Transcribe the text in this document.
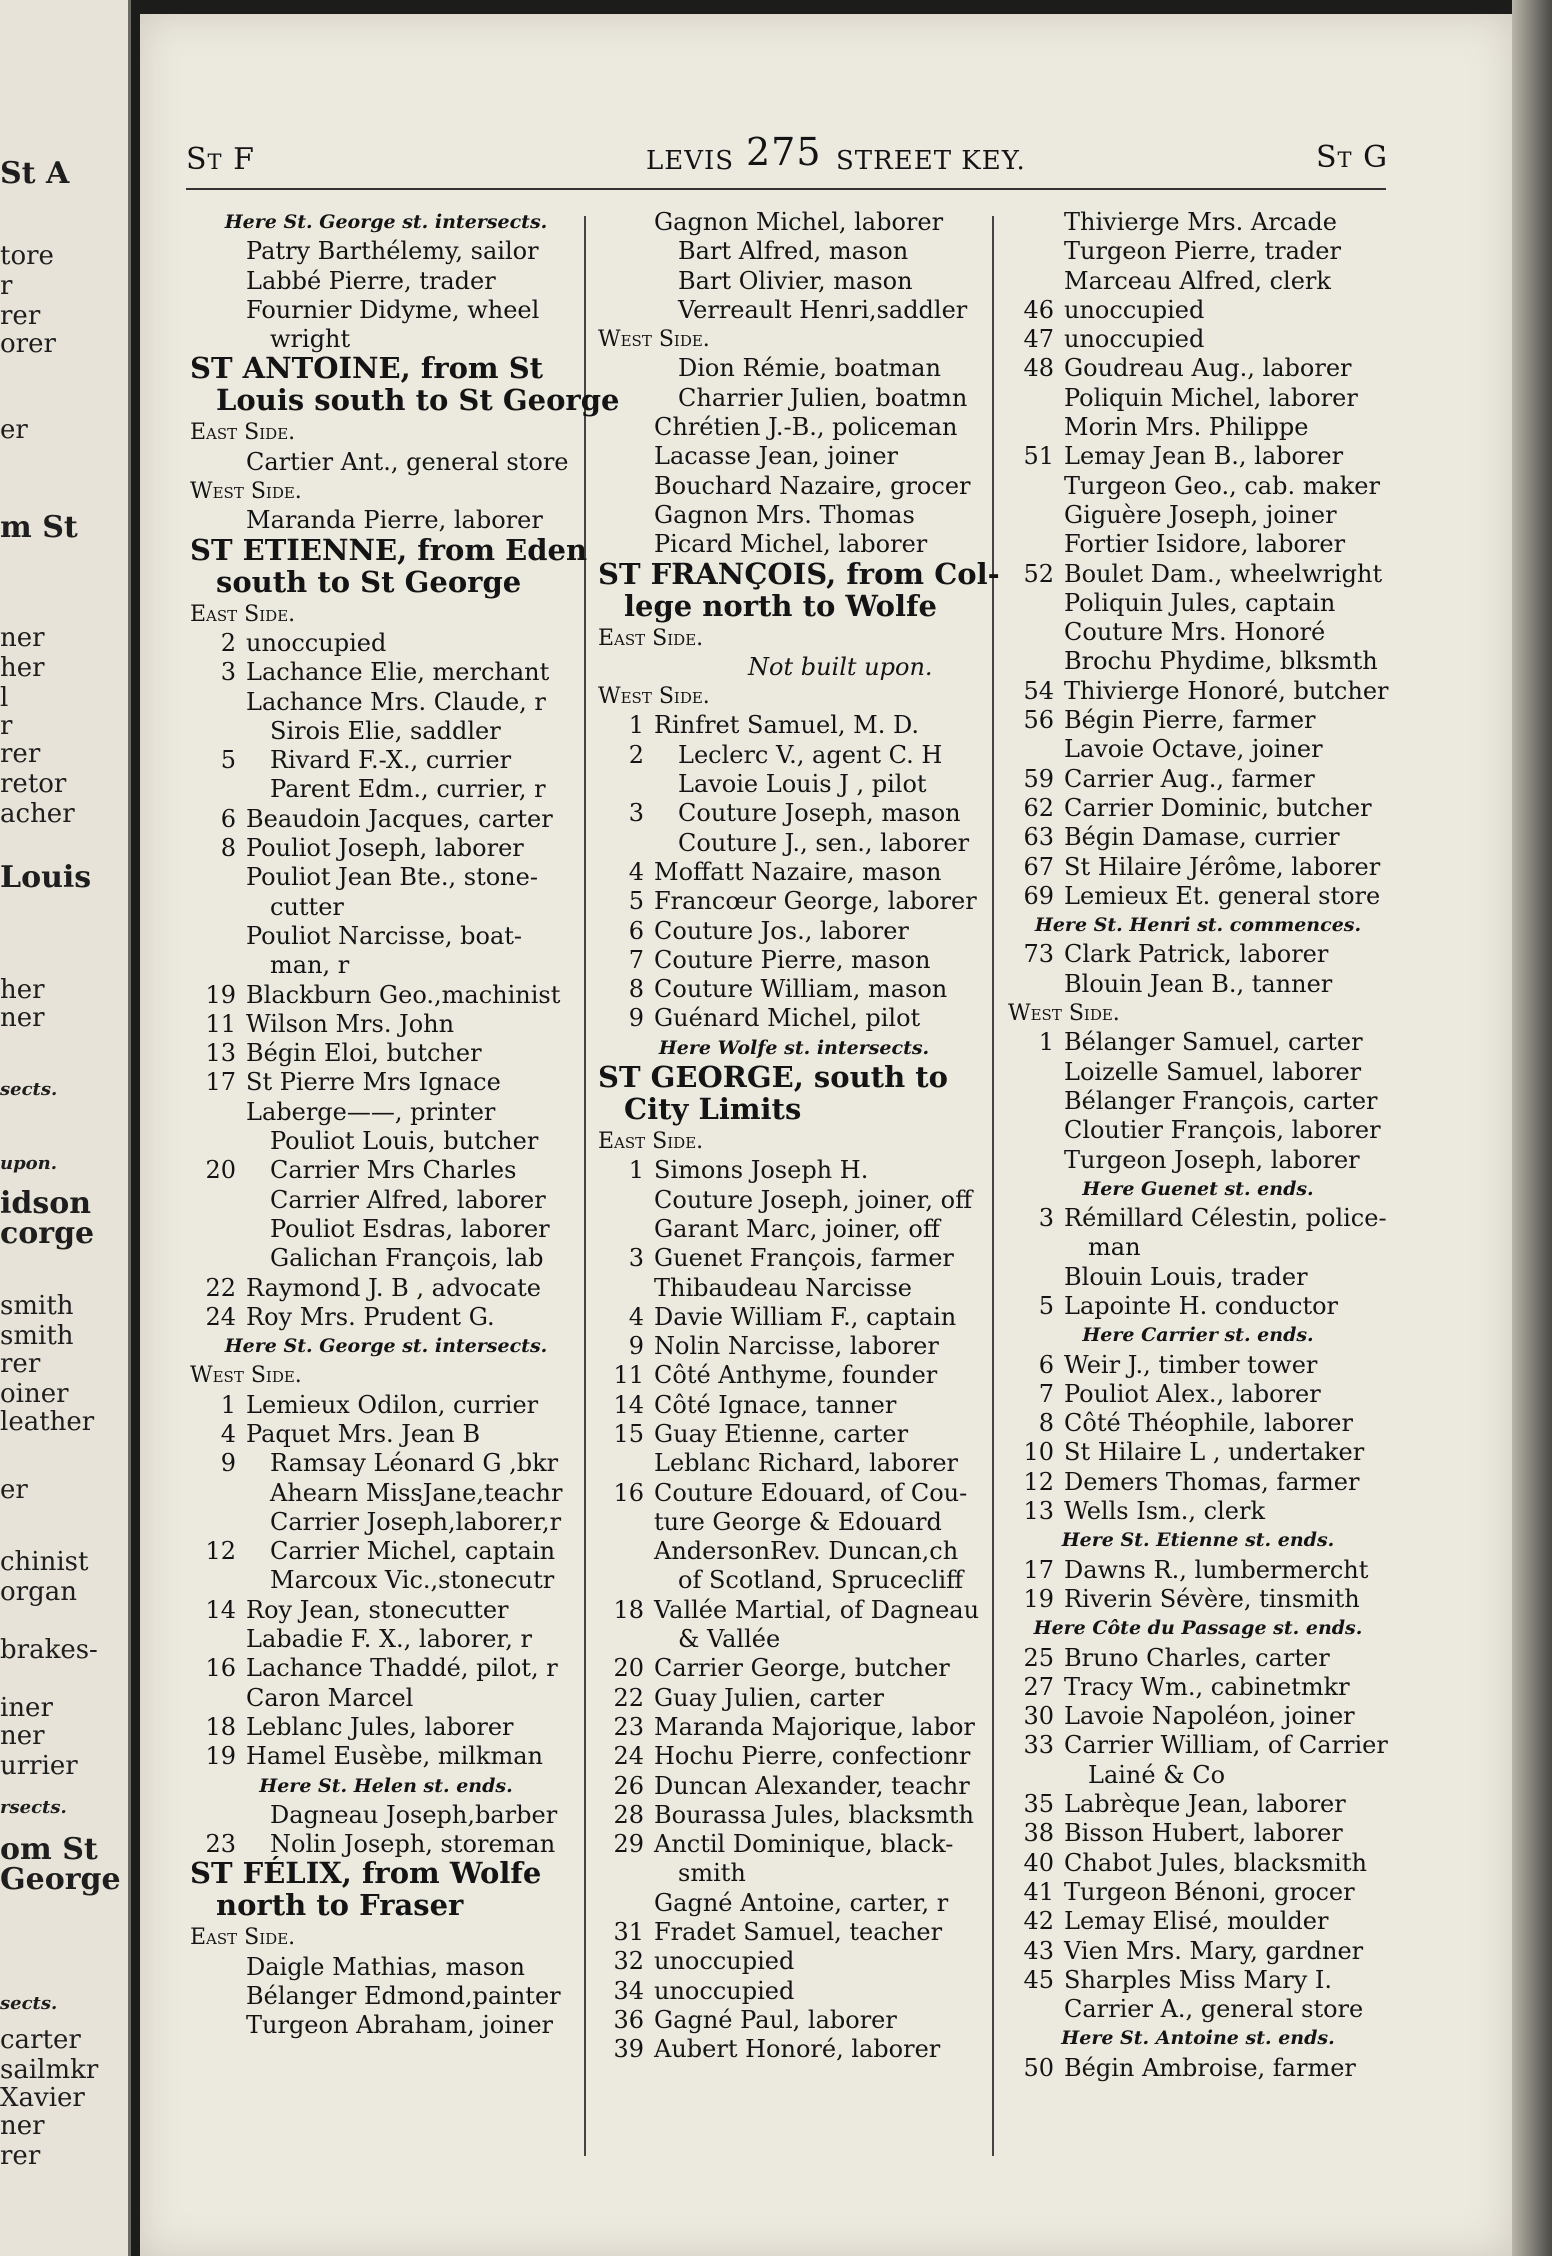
St A
tore
r
rer
orer
er
m St
ner
her
l
r
rer
retor
acher
Louis
her
ner
sects.
upon.
idson
corge
smith
smith
rer
oiner
leather
er
chinist
organ
brakes-
iner
ner
urrier
rsects.
om St
George
sects.
carter
sailmkr
Xavier
ner
rer
St F	LEVIS 275 STREET KEY.	St G
Here St. George st. intersects.
Patry Barthélemy, sailor
Labbé Pierre, trader
Fournier Didyme, wheel
wright
ST ANTOINE, from St
Louis south to St George
East Side.
Cartier Ant., general store
West Side.
Maranda Pierre, laborer
ST ETIENNE, from Eden
south to St George
East Side.
2 unoccupied
3 Lachance Elie, merchant
Lachance Mrs. Claude, r
Sirois Elie, saddler
5 Rivard F.-X., currier
Parent Edm., currier, r
6 Beaudoin Jacques, carter
8 Pouliot Joseph, laborer
Pouliot Jean Bte., stone-
cutter
Pouliot Narcisse, boat-
man, r
19 Blackburn Geo.,machinist
11 Wilson Mrs. John
13 Bégin Eloi, butcher
17 St Pierre Mrs Ignace
Laberge——, printer
Pouliot Louis, butcher
20 Carrier Mrs Charles
Carrier Alfred, laborer
Pouliot Esdras, laborer
Galichan François, lab
22 Raymond J. B , advocate
24 Roy Mrs. Prudent G.
Here St. George st. intersects.
West Side.
1 Lemieux Odilon, currier
4 Paquet Mrs. Jean B
9 Ramsay Léonard G ,bkr
Ahearn MissJane,teachr
Carrier Joseph,laborer,r
12 Carrier Michel, captain
Marcoux Vic.,stonecutr
14 Roy Jean, stonecutter
Labadie F. X., laborer, r
16 Lachance Thaddé, pilot, r
Caron Marcel
18 Leblanc Jules, laborer
19 Hamel Eusèbe, milkman
Here St. Helen st. ends.
Dagneau Joseph,barber
23 Nolin Joseph, storeman
ST FÉLIX, from Wolfe
north to Fraser
East Side.
Daigle Mathias, mason
Bélanger Edmond,painter
Turgeon Abraham, joiner
Gagnon Michel, laborer
Bart Alfred, mason
Bart Olivier, mason
Verreault Henri,saddler
West Side.
Dion Rémie, boatman
Charrier Julien, boatmn
Chrétien J.-B., policeman
Lacasse Jean, joiner
Bouchard Nazaire, grocer
Gagnon Mrs. Thomas
Picard Michel, laborer
ST FRANÇOIS, from Col-
lege north to Wolfe
East Side.
Not built upon.
West Side.
1 Rinfret Samuel, M. D.
2 Leclerc V., agent C. H
Lavoie Louis J , pilot
3 Couture Joseph, mason
Couture J., sen., laborer
4 Moffatt Nazaire, mason
5 Francœur George, laborer
6 Couture Jos., laborer
7 Couture Pierre, mason
8 Couture William, mason
9 Guénard Michel, pilot
Here Wolfe st. intersects.
ST GEORGE, south to
City Limits
East Side.
1 Simons Joseph H.
Couture Joseph, joiner, off
Garant Marc, joiner, off
3 Guenet François, farmer
Thibaudeau Narcisse
4 Davie William F., captain
9 Nolin Narcisse, laborer
11 Côté Anthyme, founder
14 Côté Ignace, tanner
15 Guay Etienne, carter
Leblanc Richard, laborer
16 Couture Edouard, of Cou-
ture George & Edouard
AndersonRev. Duncan,ch
of Scotland, Sprucecliff
18 Vallée Martial, of Dagneau
& Vallée
20 Carrier George, butcher
22 Guay Julien, carter
23 Maranda Majorique, labor
24 Hochu Pierre, confectionr
26 Duncan Alexander, teachr
28 Bourassa Jules, blacksmth
29 Anctil Dominique, black-
smith
Gagné Antoine, carter, r
31 Fradet Samuel, teacher
32 unoccupied
34 unoccupied
36 Gagné Paul, laborer
39 Aubert Honoré, laborer
Thivierge Mrs. Arcade
Turgeon Pierre, trader
Marceau Alfred, clerk
46 unoccupied
47 unoccupied
48 Goudreau Aug., laborer
Poliquin Michel, laborer
Morin Mrs. Philippe
51 Lemay Jean B., laborer
Turgeon Geo., cab. maker
Giguère Joseph, joiner
Fortier Isidore, laborer
52 Boulet Dam., wheelwright
Poliquin Jules, captain
Couture Mrs. Honoré
Brochu Phydime, blksmth
54 Thivierge Honoré, butcher
56 Bégin Pierre, farmer
Lavoie Octave, joiner
59 Carrier Aug., farmer
62 Carrier Dominic, butcher
63 Bégin Damase, currier
67 St Hilaire Jérôme, laborer
69 Lemieux Et. general store
Here St. Henri st. commences.
73 Clark Patrick, laborer
Blouin Jean B., tanner
West Side.
1 Bélanger Samuel, carter
Loizelle Samuel, laborer
Bélanger François, carter
Cloutier François, laborer
Turgeon Joseph, laborer
Here Guenet st. ends.
3 Rémillard Célestin, police-
man
Blouin Louis, trader
5 Lapointe H. conductor
Here Carrier st. ends.
6 Weir J., timber tower
7 Pouliot Alex., laborer
8 Côté Théophile, laborer
10 St Hilaire L , undertaker
12 Demers Thomas, farmer
13 Wells Ism., clerk
Here St. Etienne st. ends.
17 Dawns R., lumbermercht
19 Riverin Sévère, tinsmith
Here Côte du Passage st. ends.
25 Bruno Charles, carter
27 Tracy Wm., cabinetmkr
30 Lavoie Napoléon, joiner
33 Carrier William, of Carrier
Lainé & Co
35 Labrèque Jean, laborer
38 Bisson Hubert, laborer
40 Chabot Jules, blacksmith
41 Turgeon Bénoni, grocer
42 Lemay Elisé, moulder
43 Vien Mrs. Mary, gardner
45 Sharples Miss Mary I.
Carrier A., general store
Here St. Antoine st. ends.
50 Bégin Ambroise, farmer
